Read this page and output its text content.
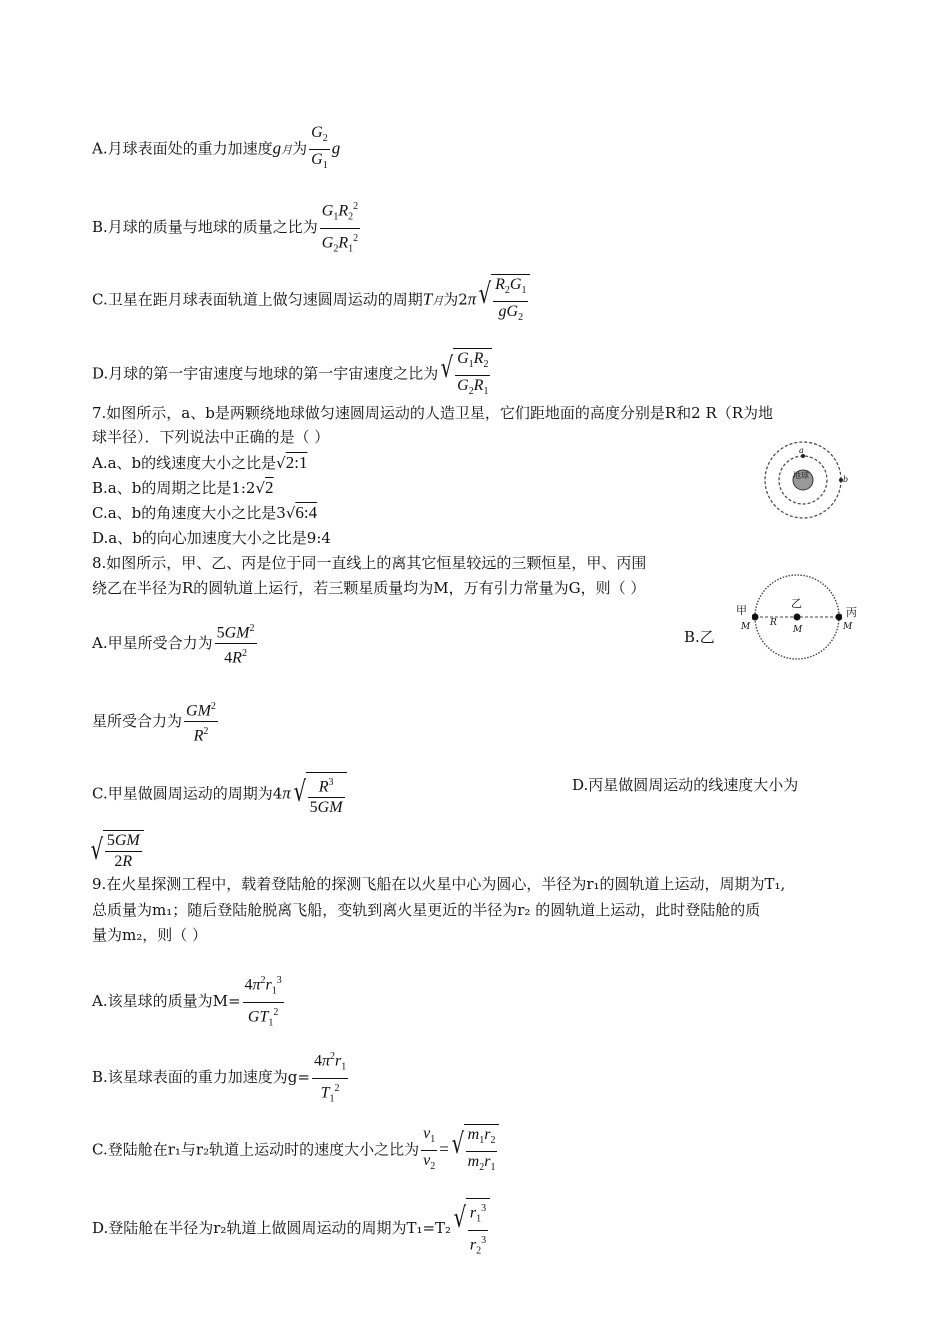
A.月球表面处的重力加速度g月为 $\frac{G_2}{G_1}$ g
B.月球的质量与地球的质量之比为 $\frac{G_1R_2^2}{G_2R_1^2}$
C.卫星在距月球表面轨道上做匀速圆周运动的周期T月为2π √ $\frac{R_2G_1}{gG_2}$
D.月球的第一宇宙速度与地球的第一宇宙速度之比为 √ $\frac{G_1R_2}{G_2R_1}$
7.如图所示，a、b是两颗绕地球做匀速圆周运动的人造卫星，它们距地面的高度分别是R和2 R（R为地
球半径）．下列说法中正确的是（ ）
A.a、b的线速度大小之比是√2:1
B.a、b的周期之比是1:2√2
C.a、b的角速度大小之比是3√6:4
D.a、b的向心加速度大小之比是9:4
地球
a
b
8.如图所示，甲、乙、丙是位于同一直线上的离其它恒星较远的三颗恒星，甲、丙围
绕乙在半径为R的圆轨道上运行，若三颗星质量均为M，万有引力常量为G，则（ ）
A.甲星所受合力为 $\frac{5GM^2}{4R^2}$	B.乙
甲
乙
丙
M	M	M
R
星所受合力为 $\frac{GM^2}{R^2}$
C.甲星做圆周运动的周期为4π √ $\frac{R^3}{5GM}$	D.丙星做圆周运动的线速度大小为
√ $\frac{5GM}{2R}$
9.在火星探测工程中，载着登陆舱的探测飞船在以火星中心为圆心，半径为r₁的圆轨道上运动，周期为T₁,
总质量为m₁；随后登陆舱脱离飞船，变轨到离火星更近的半径为r₂ 的圆轨道上运动，此时登陆舱的质
量为m₂，则（ ）
A.该星球的质量为$M= \frac{4\pi^2r_1^3}{GT_1^2}$
B.该星球表面的重力加速度为$g= \frac{4\pi^2r_1}{T_1^2}$
C.登陆舱在r₁与r₂轨道上运动时的速度大小之比为 $\frac{v_1}{v_2}$ = √ $\frac{m_1r_2}{m_2r_1}$
D.登陆舱在半径为r₂轨道上做圆周运动的周期为T₁=T₂ √ $\frac{r_1^3}{r_2^3}$
